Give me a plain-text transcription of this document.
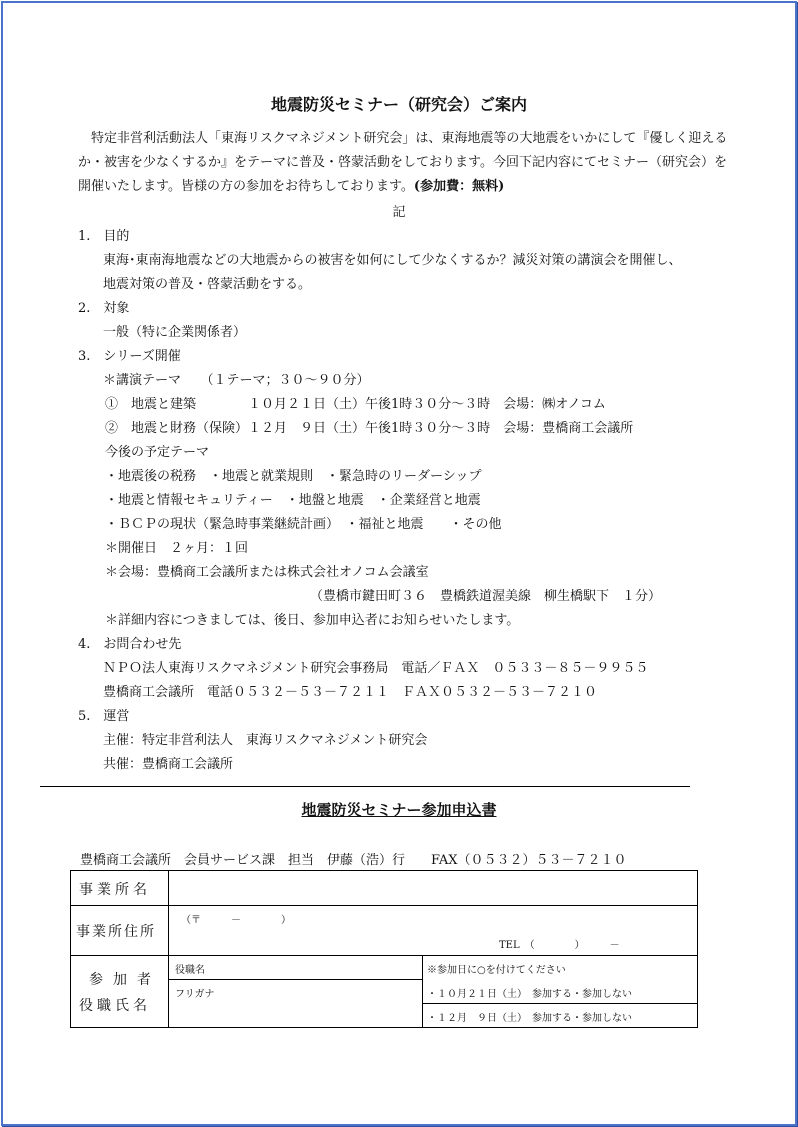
地震防災セミナー（研究会）ご案内
特定非営利活動法人「東海リスクマネジメント研究会」は、東海地震等の大地震をいかにして『優しく迎えるか・被害を少なくするか』をテーマに普及・啓蒙活動をしております。今回下記内容にてセミナー（研究会）を開催いたします。皆様の方の参加をお待ちしております。(参加費：無料)
記
1.　目的
東海･東南海地震などの大地震からの被害を如何にして少なくするか？減災対策の講演会を開催し、
地震対策の普及・啓蒙活動をする。
2.　対象
一般（特に企業関係者）
3.　シリーズ開催
＊講演テーマ　　（１テーマ；３０～９０分）
①　地震と建築　　　　１０月２１日（土）午後1時３０分～３時　会場：㈱オノコム
②　地震と財務（保険）１２月　９日（土）午後1時３０分～３時　会場：豊橋商工会議所
今後の予定テーマ
・地震後の税務　・地震と就業規則　・緊急時のリーダーシップ
・地震と情報セキュリティー　・地盤と地震　・企業経営と地震
・ＢＣＰの現状（緊急時事業継続計画）　・福祉と地震　　・その他
＊開催日　２ヶ月：１回
＊会場：豊橋商工会議所または株式会社オノコム会議室
（豊橋市鍵田町３６　豊橋鉄道渥美線　柳生橋駅下　１分）
＊詳細内容につきましては、後日、参加申込者にお知らせいたします。
4.　お問合わせ先
ＮＰＯ法人東海リスクマネジメント研究会事務局　電話／ＦＡＸ　０５３３－８５－９９５５
豊橋商工会議所　電話０５３２－５３－７２１１　ＦＡＸ０５３２－５３－７２１０
5.　運営
主催：特定非営利法人　東海リスクマネジメント研究会
共催：豊橋商工会議所
地震防災セミナー参加申込書
豊橋商工会議所　会員サービス課　担当　伊藤（浩）行　　FAX（０５３２）５３－７２１０
事業所名
事業所住所
（〒　　　－　　　　）
TEL　（　　　　）　　　－
参加者
役職氏名
役職名
フリガナ
※参加日に○を付けてください
・１０月２１日（土）　参加する・参加しない
・１２月　９日（土）　参加する・参加しない
